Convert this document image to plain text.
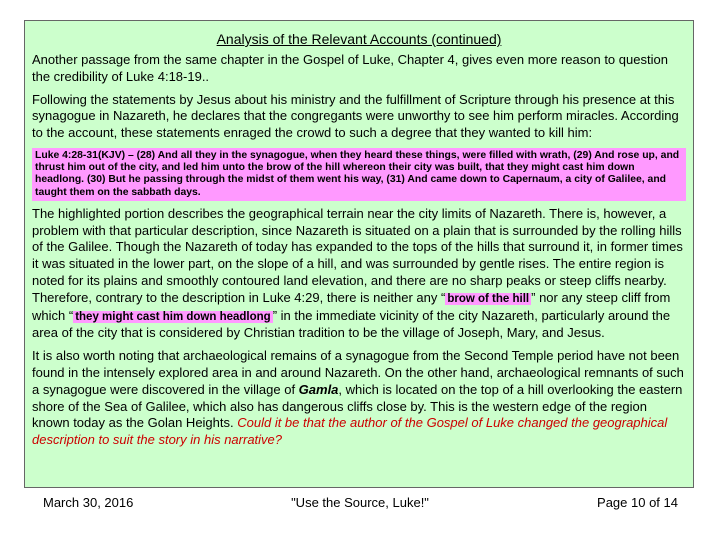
Analysis of the Relevant Accounts (continued)

Another passage from the same chapter in the Gospel of Luke, Chapter 4, gives even more reason to question the credibility of Luke 4:18-19..

Following the statements by Jesus about his ministry and the fulfillment of Scripture through his presence at this synagogue in Nazareth, he declares that the congregants were unworthy to see him perform miracles. According to the account, these statements enraged the crowd to such a degree that they wanted to kill him:

Luke 4:28-31(KJV) – (28) And all they in the synagogue, when they heard these things, were filled with wrath, (29) And rose up, and thrust him out of the city, and led him unto the brow of the hill whereon their city was built, that they might cast him down headlong. (30) But he passing through the midst of them went his way, (31) And came down to Capernaum, a city of Galilee, and taught them on the sabbath days.

The highlighted portion describes the geographical terrain near the city limits of Nazareth. There is, however, a problem with that particular description, since Nazareth is situated on a plain that is surrounded by the rolling hills of the Galilee. Though the Nazareth of today has expanded to the tops of the hills that surround it, in former times it was situated in the lower part, on the slope of a hill, and was surrounded by gentle rises. The entire region is noted for its plains and smoothly contoured land elevation, and there are no sharp peaks or steep cliffs nearby. Therefore, contrary to the description in Luke 4:29, there is neither any “ brow of the hill ” nor any steep cliff from which “ they might cast him down headlong ” in the immediate vicinity of the city Nazareth, particularly around the area of the city that is considered by Christian tradition to be the village of Joseph, Mary, and Jesus.

It is also worth noting that archaeological remains of a synagogue from the Second Temple period have not been found in the intensely explored area in and around Nazareth. On the other hand, archaeological remnants of such a synagogue were discovered in the village of Gamla, which is located on the top of a hill overlooking the eastern shore of the Sea of Galilee, which also has dangerous cliffs close by. This is the western edge of the region known today as the Golan Heights. Could it be that the author of the Gospel of Luke changed the geographical description to suit the story in his narrative?

March 30, 2016	"Use the Source, Luke!"	Page 10 of 14
